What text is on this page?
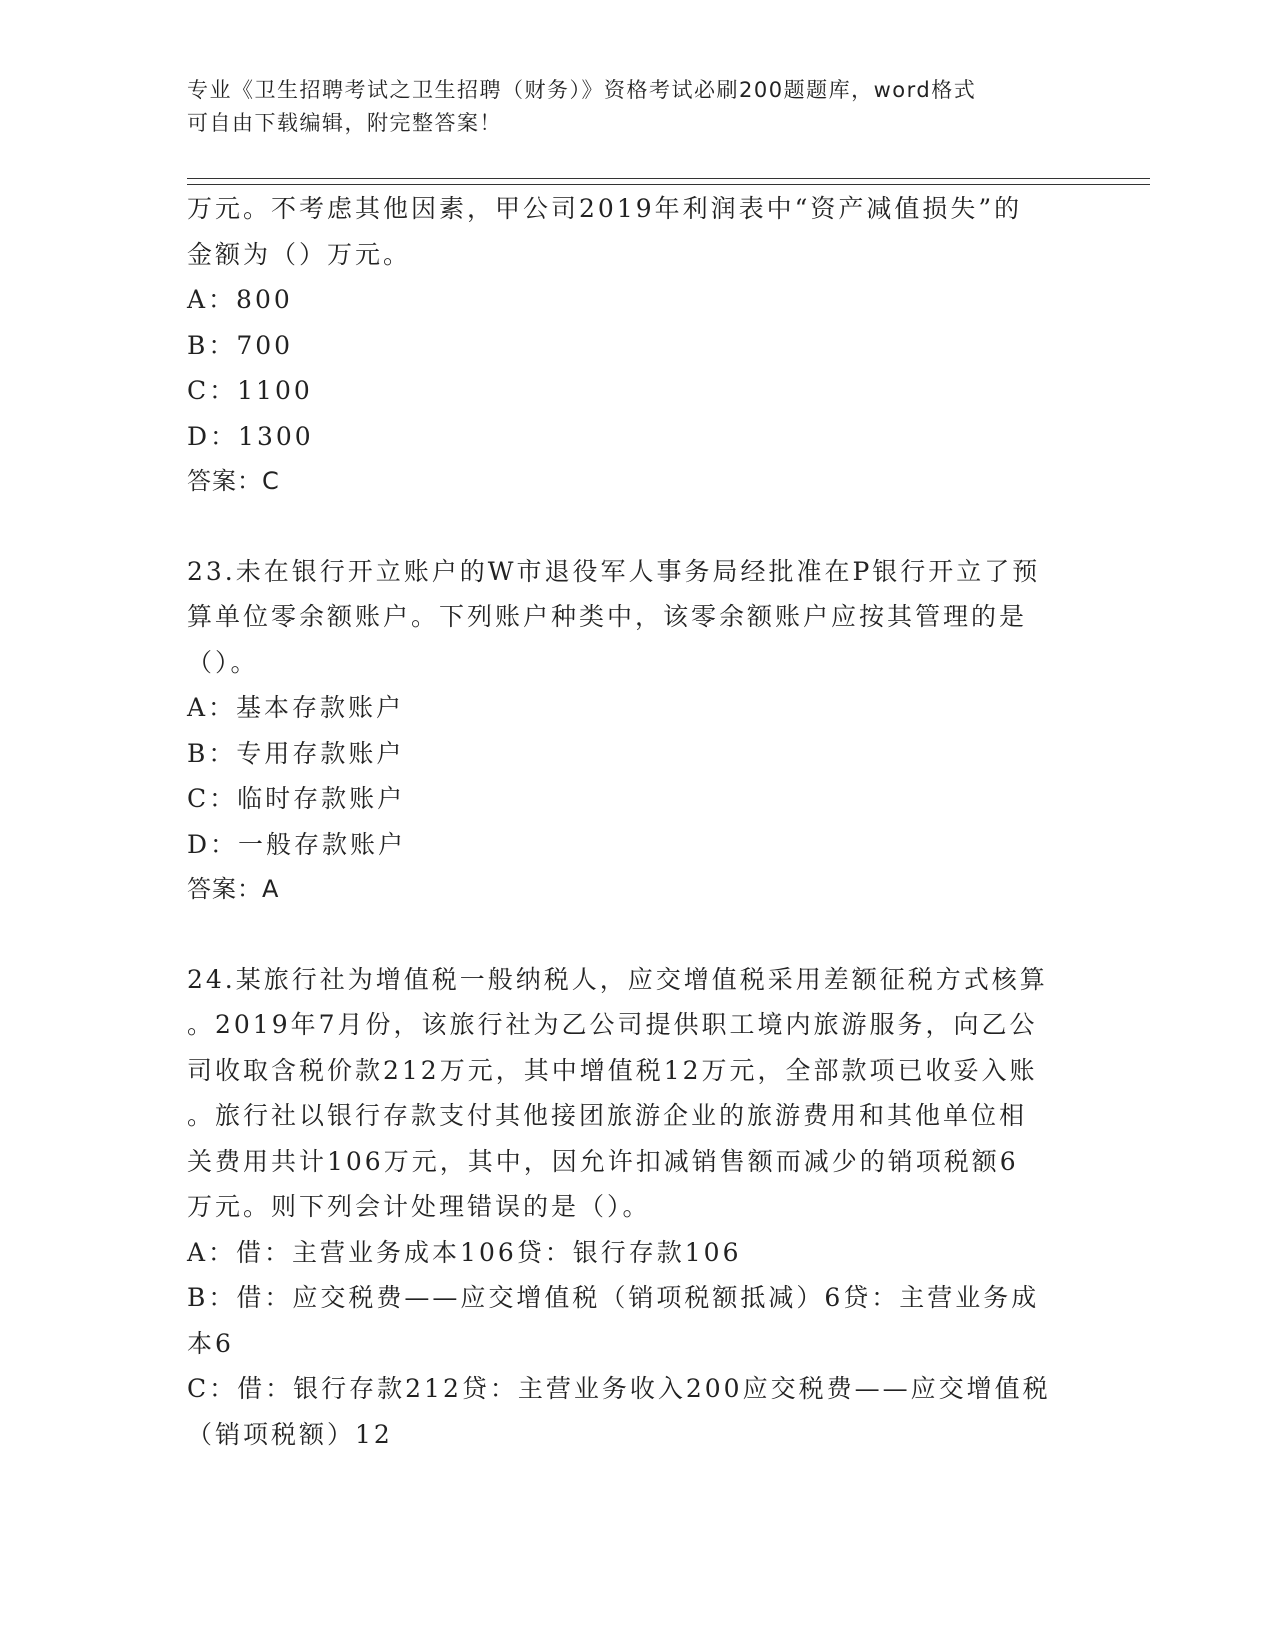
专业《卫生招聘考试之卫生招聘（财务）》资格考试必刷200题题库，word格式
可自由下载编辑，附完整答案！
万元。不考虑其他因素，甲公司2019年利润表中“资产减值损失”的
金额为（）万元。
A：800
B：700
C：1100
D：1300
答案：C
23.未在银行开立账户的W市退役军人事务局经批准在P银行开立了预
算单位零余额账户。下列账户种类中，该零余额账户应按其管理的是
（）。
A：基本存款账户
B：专用存款账户
C：临时存款账户
D：一般存款账户
答案：A
24.某旅行社为增值税一般纳税人，应交增值税采用差额征税方式核算
。2019年7月份，该旅行社为乙公司提供职工境内旅游服务，向乙公
司收取含税价款212万元，其中增值税12万元，全部款项已收妥入账
。旅行社以银行存款支付其他接团旅游企业的旅游费用和其他单位相
关费用共计106万元，其中，因允许扣减销售额而减少的销项税额6
万元。则下列会计处理错误的是（）。
A：借：主营业务成本106贷：银行存款106
B：借：应交税费——应交增值税（销项税额抵减）6贷：主营业务成
本6
C：借：银行存款212贷：主营业务收入200应交税费——应交增值税
（销项税额）12
